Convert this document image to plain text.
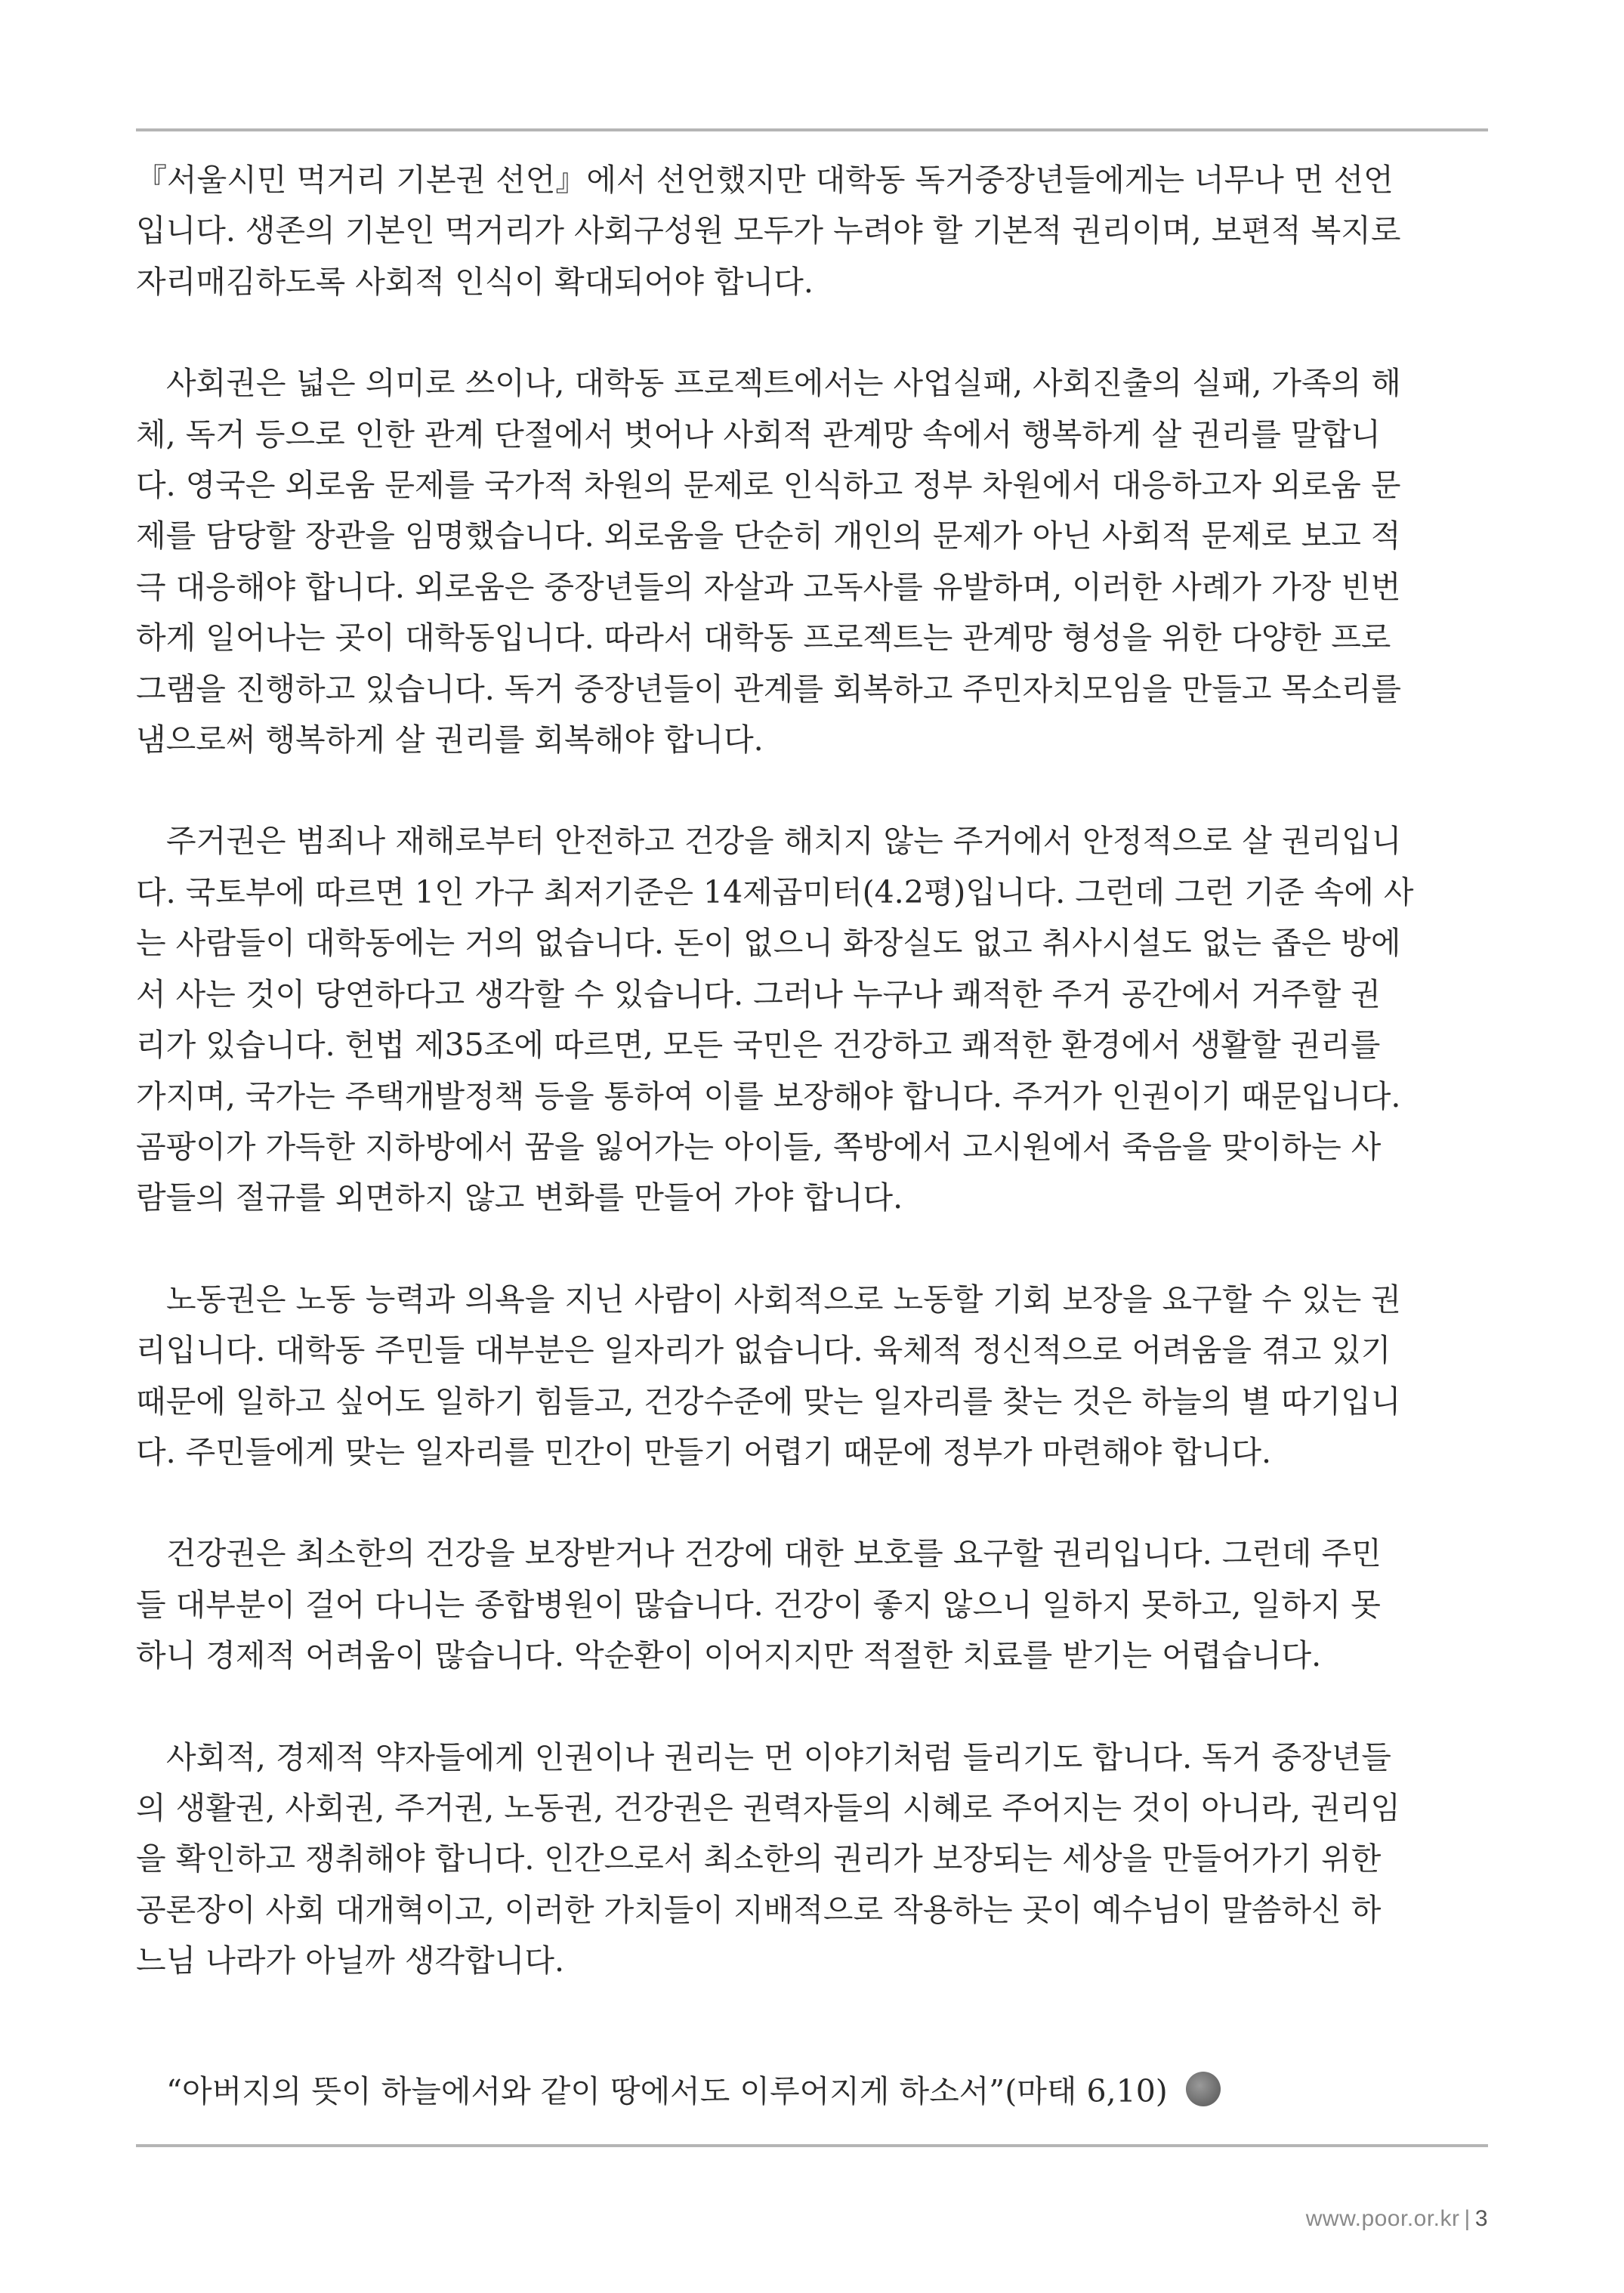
『서울시민 먹거리 기본권 선언』에서 선언했지만 대학동 독거중장년들에게는 너무나 먼 선언
입니다. 생존의 기본인 먹거리가 사회구성원 모두가 누려야 할 기본적 권리이며, 보편적 복지로
자리매김하도록 사회적 인식이 확대되어야 합니다.

사회권은 넓은 의미로 쓰이나, 대학동 프로젝트에서는 사업실패, 사회진출의 실패, 가족의 해
체, 독거 등으로 인한 관계 단절에서 벗어나 사회적 관계망 속에서 행복하게 살 권리를 말합니
다. 영국은 외로움 문제를 국가적 차원의 문제로 인식하고 정부 차원에서 대응하고자 외로움 문
제를 담당할 장관을 임명했습니다. 외로움을 단순히 개인의 문제가 아닌 사회적 문제로 보고 적
극 대응해야 합니다. 외로움은 중장년들의 자살과 고독사를 유발하며, 이러한 사례가 가장 빈번
하게 일어나는 곳이 대학동입니다. 따라서 대학동 프로젝트는 관계망 형성을 위한 다양한 프로
그램을 진행하고 있습니다. 독거 중장년들이 관계를 회복하고 주민자치모임을 만들고 목소리를
냄으로써 행복하게 살 권리를 회복해야 합니다.

주거권은 범죄나 재해로부터 안전하고 건강을 해치지 않는 주거에서 안정적으로 살 권리입니
다. 국토부에 따르면 1인 가구 최저기준은 14제곱미터(4.2평)입니다. 그런데 그런 기준 속에 사
는 사람들이 대학동에는 거의 없습니다. 돈이 없으니 화장실도 없고 취사시설도 없는 좁은 방에
서 사는 것이 당연하다고 생각할 수 있습니다. 그러나 누구나 쾌적한 주거 공간에서 거주할 권
리가 있습니다. 헌법 제35조에 따르면, 모든 국민은 건강하고 쾌적한 환경에서 생활할 권리를
가지며, 국가는 주택개발정책 등을 통하여 이를 보장해야 합니다. 주거가 인권이기 때문입니다.
곰팡이가 가득한 지하방에서 꿈을 잃어가는 아이들, 쪽방에서 고시원에서 죽음을 맞이하는 사
람들의 절규를 외면하지 않고 변화를 만들어 가야 합니다.

노동권은 노동 능력과 의욕을 지닌 사람이 사회적으로 노동할 기회 보장을 요구할 수 있는 권
리입니다. 대학동 주민들 대부분은 일자리가 없습니다. 육체적 정신적으로 어려움을 겪고 있기
때문에 일하고 싶어도 일하기 힘들고, 건강수준에 맞는 일자리를 찾는 것은 하늘의 별 따기입니
다. 주민들에게 맞는 일자리를 민간이 만들기 어렵기 때문에 정부가 마련해야 합니다.

건강권은 최소한의 건강을 보장받거나 건강에 대한 보호를 요구할 권리입니다. 그런데 주민
들 대부분이 걸어 다니는 종합병원이 많습니다. 건강이 좋지 않으니 일하지 못하고, 일하지 못
하니 경제적 어려움이 많습니다. 악순환이 이어지지만 적절한 치료를 받기는 어렵습니다.

사회적, 경제적 약자들에게 인권이나 권리는 먼 이야기처럼 들리기도 합니다. 독거 중장년들
의 생활권, 사회권, 주거권, 노동권, 건강권은 권력자들의 시혜로 주어지는 것이 아니라, 권리임
을 확인하고 쟁취해야 합니다. 인간으로서 최소한의 권리가 보장되는 세상을 만들어가기 위한
공론장이 사회 대개혁이고, 이러한 가치들이 지배적으로 작용하는 곳이 예수님이 말씀하신 하
느님 나라가 아닐까 생각합니다.

“아버지의 뜻이 하늘에서와 같이 땅에서도 이루어지게 하소서”(마태 6,10)
www.poor.or.kr | 3
